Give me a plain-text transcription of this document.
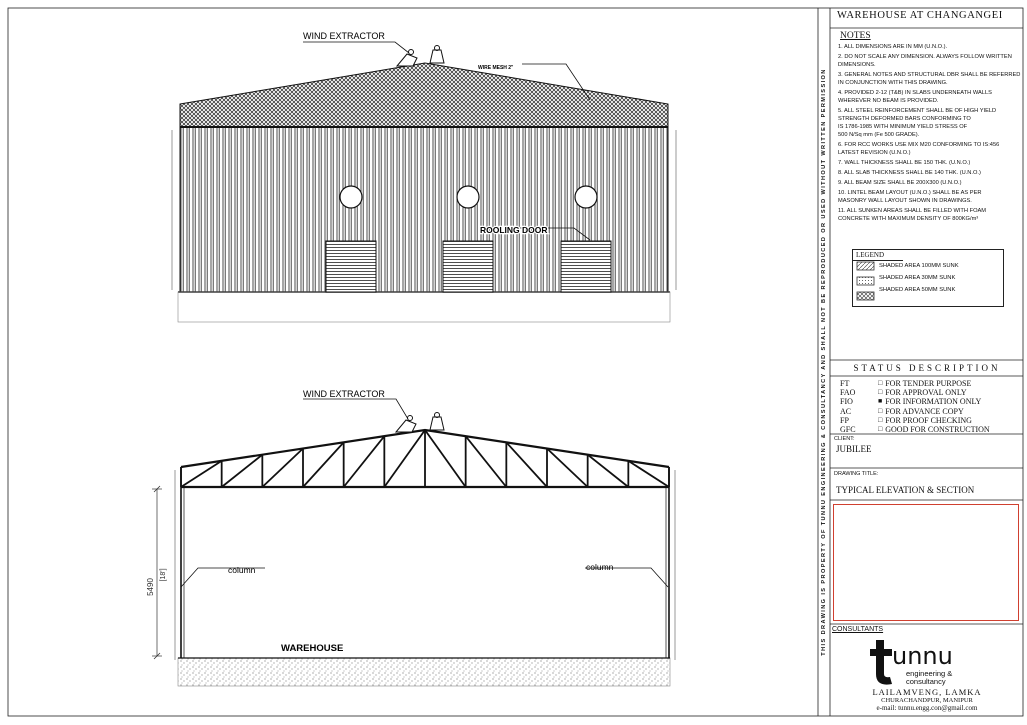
WIND EXTRACTOR
WIRE MESH 2"
ROOLING DOOR
WIND EXTRACTOR
column	column
WAREHOUSE
5490
[18']	THIS DRAWING IS PROPERTY OF TUNNU ENGINEERING & CONSULTANCY AND SHALL NOT BE REPRODUCED OR USED WITHOUT WRITTEN PERMISSION
WAREHOUSE AT CHANGANGEI
NOTES
1. ALL DIMENSIONS ARE IN MM (U.N.O.).
2. DO NOT SCALE ANY DIMENSION. ALWAYS FOLLOW WRITTEN
DIMENSIONS.
3. GENERAL NOTES AND STRUCTURAL DBR SHALL BE REFERRED
IN CONJUNCTION WITH THIS DRAWING.
4. PROVIDED 2-12 (T&B) IN SLABS UNDERNEATH WALLS
WHEREVER NO BEAM IS PROVIDED.
5. ALL STEEL REINFORCEMENT SHALL BE OF HIGH YIELD
STRENGTH DEFORMED BARS CONFORMING TO
IS 1786-1985 WITH MINIMUM YIELD STRESS OF
500 N/Sq mm (Fe 500 GRADE).
6. FOR RCC WORKS USE MIX M20 CONFORMING TO IS:456
LATEST REVISION (U.N.O.)
7. WALL THICKNESS SHALL BE 150 THK. (U.N.O.)
8. ALL SLAB THICKNESS SHALL BE 140 THK. (U.N.O.)
9. ALL BEAM SIZE SHALL BE 200X300 (U.N.O.)
10. LINTEL BEAM LAYOUT (U.N.O.) SHALL BE AS PER
MASONRY WALL LAYOUT SHOWN IN DRAWINGS.
11. ALL SUNKEN AREAS SHALL BE FILLED WITH FOAM
CONCRETE WITH MAXIMUM DENSITY OF 800KG/m³
LEGEND
SHADED AREA 100MM SUNK
SHADED AREA 30MM SUNK
SHADED AREA 50MM SUNK
STATUS DESCRIPTION
FT	□ FOR TENDER PURPOSE
FAO	□ FOR APPROVAL ONLY
FIO	■ FOR INFORMATION ONLY
AC	□ FOR ADVANCE COPY
FP	□ FOR PROOF CHECKING
GFC	□ GOOD FOR CONSTRUCTION
CLIENT:
JUBILEE
DRAWING TITLE:
TYPICAL ELEVATION & SECTION
CONSULTANTS
unnu
engineering &
consultancy
LAILAMVENG, LAMKA
CHURACHANDPUR, MANIPUR
e-mail: tunnu.engg.con@gmail.com
